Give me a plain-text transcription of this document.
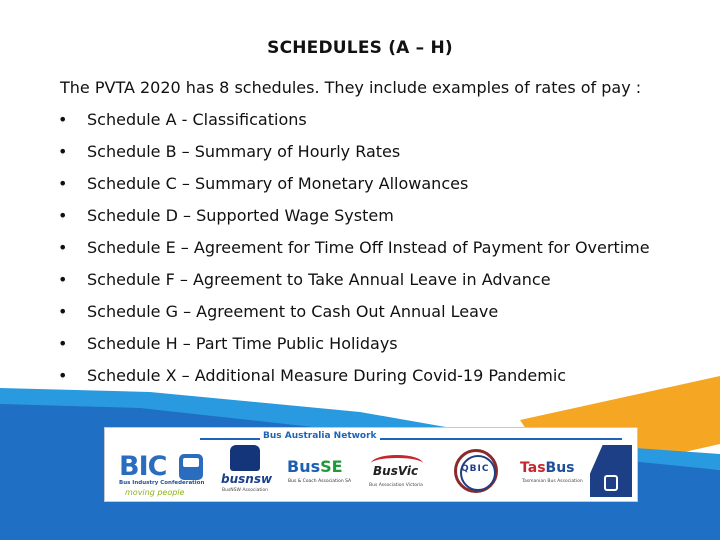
SCHEDULES (A – H)
The PVTA 2020 has 8 schedules. They include examples of rates of pay :
• Schedule A - Classifications
• Schedule B – Summary of Hourly Rates
• Schedule C – Summary of Monetary Allowances
• Schedule D – Supported Wage System
• Schedule E – Agreement for Time Off Instead of Payment for Overtime
• Schedule F – Agreement to Take Annual Leave in Advance
• Schedule G – Agreement to Cash Out Annual Leave
• Schedule H – Part Time Public Holidays
• Schedule X – Additional Measure During Covid-19 Pandemic
Bus Australia Network
BIC
Bus Industry Confederation
moving people
busnsw
BusNSW Association
BusSE
Bus & Coach Association SA
BusVic
Bus Association Victoria
QBIC TasBus
Tasmanian Bus Association
